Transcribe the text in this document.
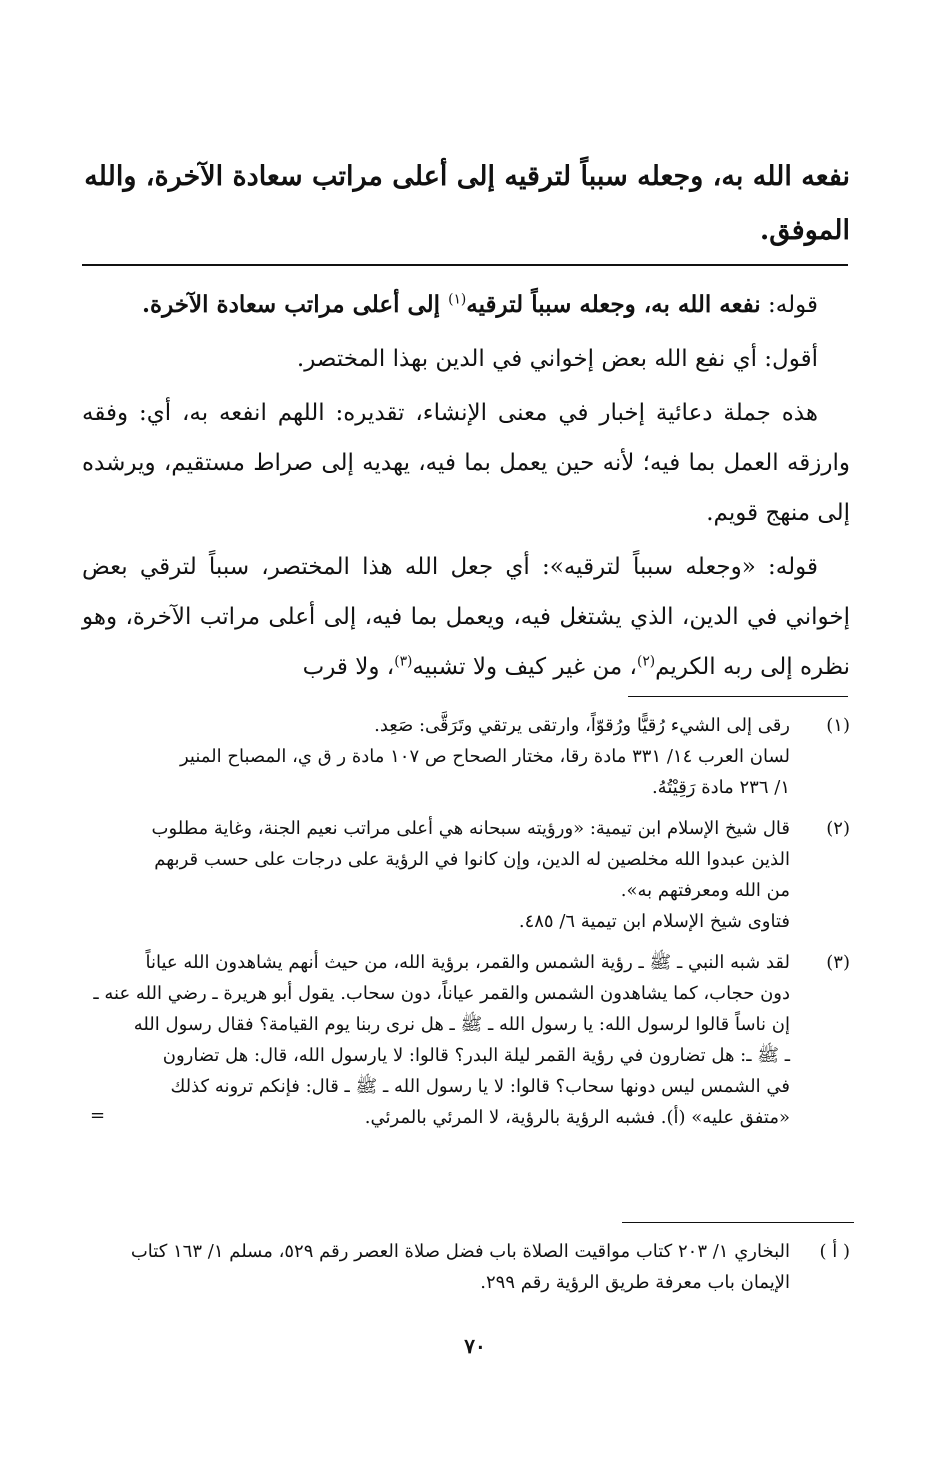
نفعه الله به، وجعله سبباً لترقيه إلى أعلى مراتب سعادة الآخرة، والله
الموفق.

قوله: نفعه الله به، وجعله سبباً لترقيه$^{(١)}$ إلى أعلى مراتب سعادة الآخرة.

أقول: أي نفع الله بعض إخواني في الدين بهذا المختصر.

هذه جملة دعائية إخبار في معنى الإنشاء، تقديره: اللهم انفعه به، أي: وفقه وارزقه العمل بما فيه؛ لأنه حين يعمل بما فيه، يهديه إلى صراط مستقيم، ويرشده إلى منهج قويم.

قوله: «وجعله سبباً لترقيه»: أي جعل الله هذا المختصر، سبباً لترقي بعض إخواني في الدين، الذي يشتغل فيه، ويعمل بما فيه، إلى أعلى مراتب الآخرة، وهو نظره إلى ربه الكريم$^{(٢)}$، من غير كيف ولا تشبيه$^{(٣)}$، ولا قرب

(١)
رقى إلى الشيء رُقيًّا ورُقوّاً، وارتقى يرتقي وتَرَقَّى: صَعِد.
لسان العرب ١٤/ ٣٣١ مادة رقا، مختار الصحاح ص ١٠٧ مادة ر ق ي، المصباح المنير
١/ ٢٣٦ مادة رَقِيْتُهُ.
(٢)
قال شيخ الإسلام ابن تيمية: «ورؤيته سبحانه هي أعلى مراتب نعيم الجنة، وغاية مطلوب
الذين عبدوا الله مخلصين له الدين، وإن كانوا في الرؤية على درجات على حسب قربهم
من الله ومعرفتهم به».
فتاوى شيخ الإسلام ابن تيمية ٦/ ٤٨٥.
(٣)
لقد شبه النبي ـ ﷺ ـ رؤية الشمس والقمر، برؤية الله، من حيث أنهم يشاهدون الله عياناً
دون حجاب، كما يشاهدون الشمس والقمر عياناً، دون سحاب. يقول أبو هريرة ـ رضي الله عنه ـ
إن ناساً قالوا لرسول الله: يا رسول الله ـ ﷺ ـ هل نرى ربنا يوم القيامة؟ فقال رسول الله
ـ ﷺ ـ: هل تضارون في رؤية القمر ليلة البدر؟ قالوا: لا يارسول الله، قال: هل تضارون
في الشمس ليس دونها سحاب؟ قالوا: لا يا رسول الله ـ ﷺ ـ قال: فإنكم ترونه كذلك
«متفق عليه» (أ). فشبه الرؤية بالرؤية، لا المرئي بالمرئي.
=
( أ )
البخاري ١/ ٢٠٣ كتاب مواقيت الصلاة باب فضل صلاة العصر رقم ٥٢٩، مسلم ١/ ١٦٣ كتاب
الإيمان باب معرفة طريق الرؤية رقم ٢٩٩.
٧٠
